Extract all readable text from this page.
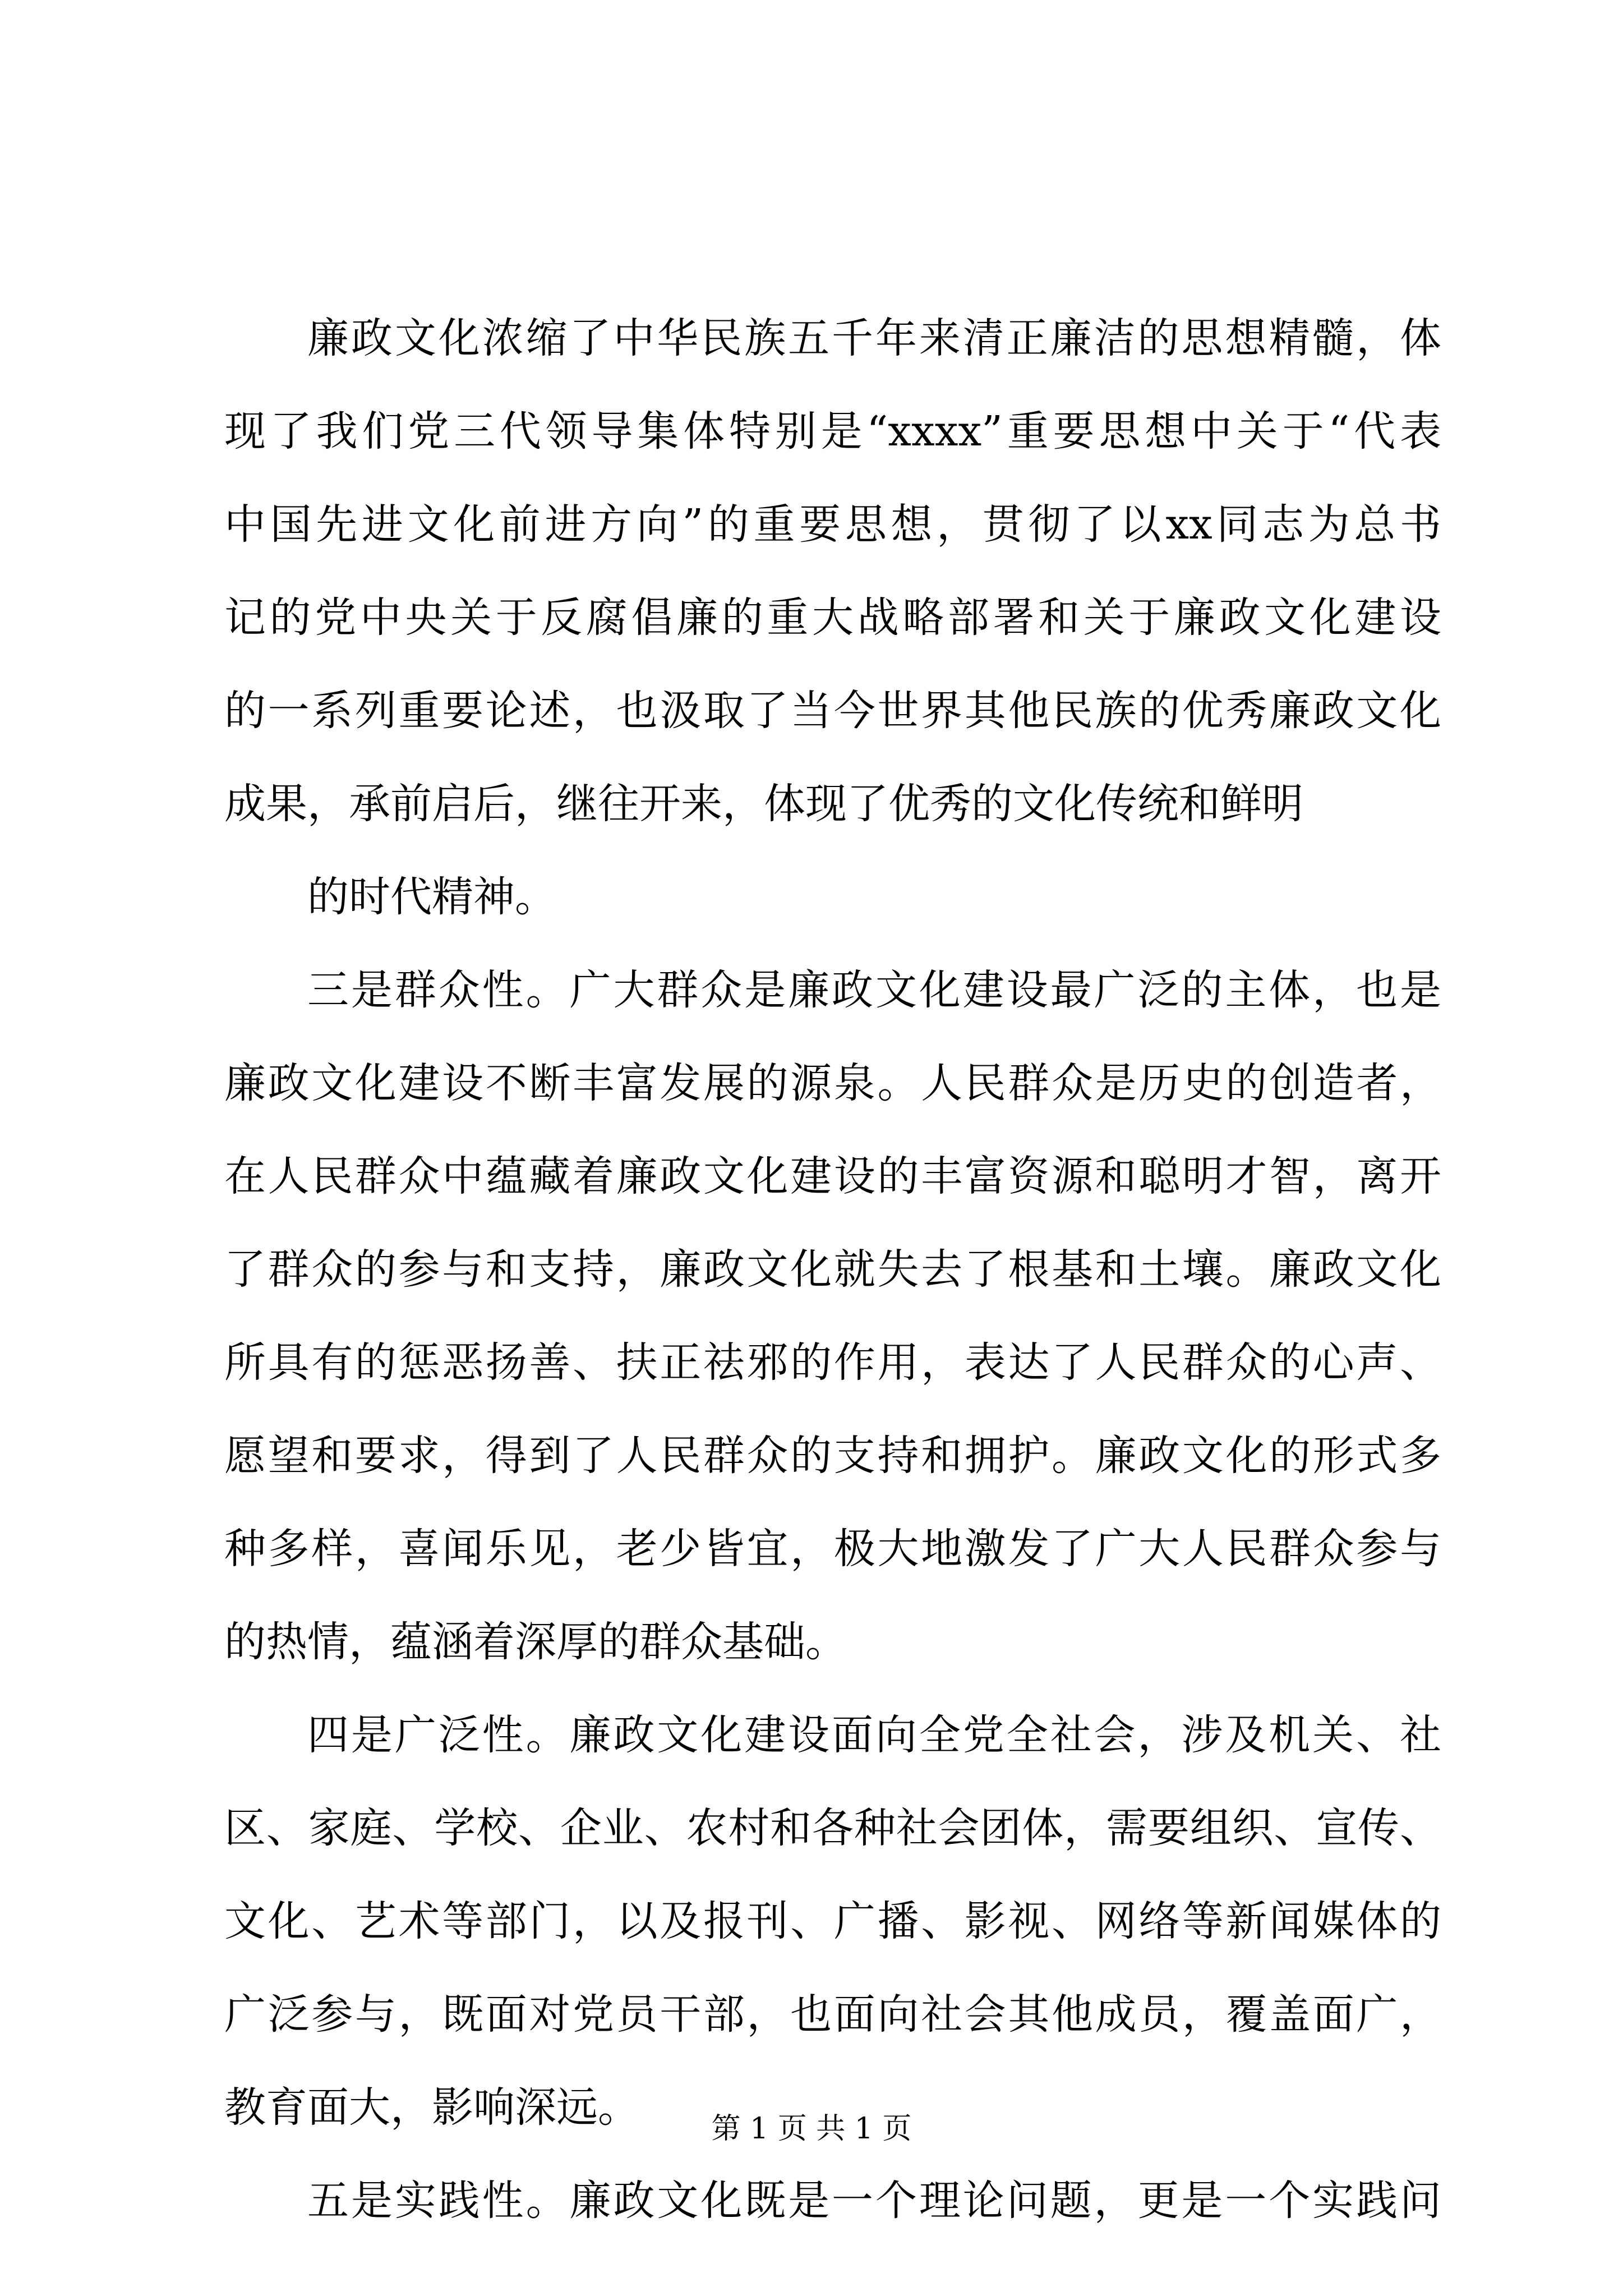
廉政文化浓缩了中华民族五千年来清正廉洁的思想精髓，体
现了我们党三代领导集体特别是“xxxx”重要思想中关于“代表
中国先进文化前进方向”的重要思想，贯彻了以xx同志为总书
记的党中央关于反腐倡廉的重大战略部署和关于廉政文化建设
的一系列重要论述，也汲取了当今世界其他民族的优秀廉政文化
成果，承前启后，继往开来，体现了优秀的文化传统和鲜明
的时代精神。
三是群众性。广大群众是廉政文化建设最广泛的主体，也是
廉政文化建设不断丰富发展的源泉。人民群众是历史的创造者，
在人民群众中蕴藏着廉政文化建设的丰富资源和聪明才智，离开
了群众的参与和支持，廉政文化就失去了根基和土壤。廉政文化
所具有的惩恶扬善、扶正祛邪的作用，表达了人民群众的心声、
愿望和要求，得到了人民群众的支持和拥护。廉政文化的形式多
种多样，喜闻乐见，老少皆宜，极大地激发了广大人民群众参与
的热情，蕴涵着深厚的群众基础。
四是广泛性。廉政文化建设面向全党全社会，涉及机关、社
区、家庭、学校、企业、农村和各种社会团体，需要组织、宣传、
文化、艺术等部门，以及报刊、广播、影视、网络等新闻媒体的
广泛参与，既面对党员干部，也面向社会其他成员，覆盖面广，
教育面大，影响深远。
五是实践性。廉政文化既是一个理论问题，更是一个实践问
第 1 页 共 1 页
